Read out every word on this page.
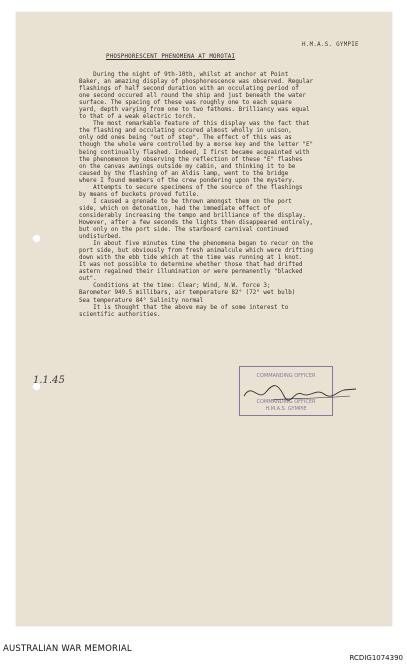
H.M.A.S. GYMPIE
PHOSPHORESCENT PHENOMENA AT MOROTAI
During the night of 9th-10th, whilst at anchor at Point
Baker, an amazing display of phosphorescence was observed. Regular
flashings of half second duration with an occulating period of
one second occured all round the ship and just beneath the water
surface. The spacing of these was roughly one to each square
yard, depth varying from one to two fathoms. Brilliancy was equal
to that of a weak electric torch.
The most remarkable feature of this display was the fact that
the flashing and occulating occured almost wholly in unison,
only odd ones being "out of step". The effect of this was as
though the whole were controlled by a morse key and the letter "E"
being continually flashed. Indeed, I first became acquainted with
the phenomenon by observing the reflection of these "E" flashes
on the canvas awnings outside my cabin, and thinking it to be
caused by the flashing of an Aldis lamp, went to the bridge
where I found members of the crew pondering upon the mystery.
Attempts to secure specimens of the source of the flashings
by means of buckets proved futile.
I caused a grenade to be thrown amongst them on the port
side, which on detonation, had the immediate effect of
considerably increasing the tempo and brilliance of the display.
However, after a few seconds the lights then disappeared entirely,
but only on the port side. The starboard carnival continued
undisturbed.
In about five minutes time the phenomena began to recur on the
port side, but obviously from fresh animalcule which were drifting
down with the ebb tide which at the time was running at 1 knot.
It was not possible to determine whether those that had drifted
astern regained their illumination or were permanently "blacked
out".
Conditions at the time: Clear; Wind, N.W. force 3;
Barometer 949.5 millibars, air temperature 82° (72° wet bulb)
Sea temperature 84° Salinity normal
It is thought that the above may be of some interest to
scientific authorities.
1.1.45	COMMANDING OFFICER
COMMANDING OFFICER
H.M.A.S. GYMPIE
AUSTRALIAN WAR MEMORIAL
RCDIG1074390
